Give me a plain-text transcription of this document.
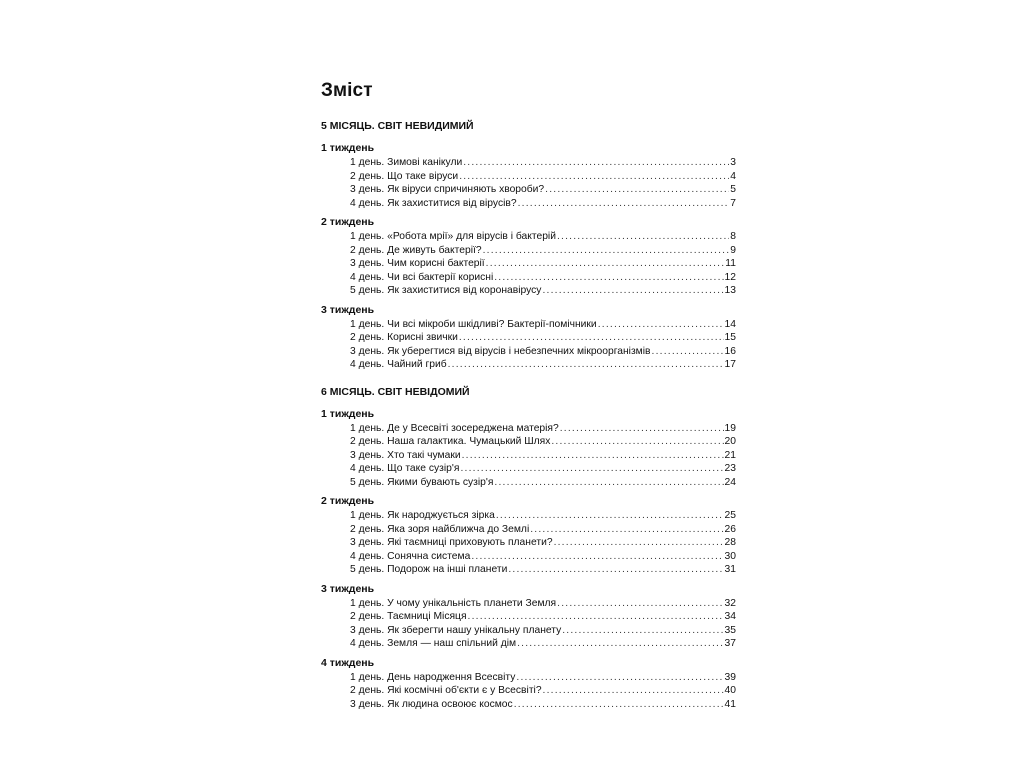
Зміст
5 МІСЯЦЬ. СВІТ НЕВИДИМИЙ
1 тиждень
1 день. Зимові канікули .....	3
2 день. Що таке віруси .....	4
3 день. Як віруси спричиняють хвороби? .....	5
4 день. Як захиститися від вірусів? .....	7
2 тиждень
1 день. «Робота мрії» для вірусів і бактерій .....	8
2 день. Де живуть бактерії? .....	9
3 день. Чим корисні бактерії .....	11
4 день. Чи всі бактерії корисні .....	12
5 день. Як захиститися від коронавірусу .....	13
3 тиждень
1 день. Чи всі мікроби шкідливі? Бактерії-помічники .....	14
2 день. Корисні звички .....	15
3 день. Як уберегтися від вірусів і небезпечних мікроорганізмів .....	16
4 день. Чайний гриб .....	17
6 МІСЯЦЬ. СВІТ НЕВІДОМИЙ
1 тиждень
1 день. Де у Всесвіті зосереджена матерія? .....	19
2 день. Наша галактика. Чумацький Шлях .....	20
3 день. Хто такі чумаки .....	21
4 день. Що таке сузір'я .....	23
5 день. Якими бувають сузір'я .....	24
2 тиждень
1 день. Як народжується зірка .....	25
2 день. Яка зоря найближча до Землі .....	26
3 день. Які таємниці приховують планети? .....	28
4 день. Сонячна система .....	30
5 день. Подорож на інші планети .....	31
3 тиждень
1 день. У чому унікальність планети Земля .....	32
2 день. Таємниці Місяця .....	34
3 день. Як зберегти нашу унікальну планету .....	35
4 день. Земля — наш спільний дім .....	37
4 тиждень
1 день. День народження Всесвіту .....	39
2 день. Які космічні об'єкти є у Всесвіті? .....	40
3 день. Як людина освоює космос .....	41
